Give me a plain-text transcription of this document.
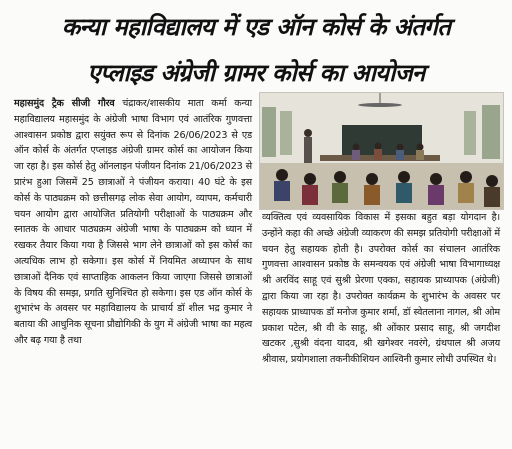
कन्या महाविद्यालय में एड ऑन कोर्स के अंतर्गत
एप्लाइड अंग्रेजी ग्रामर कोर्स का आयोजन

महासमुंद ट्रैक सीजी गौरव चंद्राकर/शासकीय माता कर्मा कन्या महाविद्यालय महासमुंद के अंग्रेजी भाषा विभाग एवं आतंरिक गुणवत्ता आश्वासन प्रकोष्ठ द्वारा सयुंक्त रूप से दिनांक 26/06/2023 से एड ऑन कोर्स के अंतर्गत एप्लाइड अंग्रेजी ग्रामर कोर्स का आयोजन किया जा रहा है। इस कोर्स हेतु ऑनलाइन पंजीयन दिनांक 21/06/2023 से प्रारंभ हुआ जिसमें 25 छात्राओं ने पंजीयन कराया। 40 घंटे के इस कोर्स के पाठ्यक्रम को छत्तीसगढ़ लोक सेवा आयोग, व्यापम, कर्मचारी चयन आयोग द्वारा आयोजित प्रतियोगी परीक्षाओं के पाठ्यक्रम और स्नातक के आधार पाठ्यक्रम अंग्रेजी भाषा के पाठ्यक्रम को ध्यान में रखकर तैयार किया गया है जिससे भाग लेने छात्राओं को इस कोर्स का अत्यधिक लाभ हो सकेगा। इस कोर्स में नियमित अध्यापन के साथ छात्राओं दैनिक एवं साप्ताहिक आकलन किया जाएगा जिससे छात्राओं के विषय की समझ, प्रगति सुनिश्चित हो सकेगा। इस एड ऑन कोर्स के शुभारंभ के अवसर पर महाविद्यालय के प्राचार्य डॉ शील भद्र कुमार ने बताया की आधुनिक सूचना प्रौद्योगिकी के युग में अंग्रेजी भाषा का महत्व और बढ़ गया है तथा

व्यक्तित्व एवं व्यवसायिक विकास में इसका बहुत बड़ा योगदान है। उन्होंने कहा की अच्छे अंग्रेजी व्याकरण की समझ प्रतियोगी परीक्षाओं में चयन हेतु सहायक होती है। उपरोक्त कोर्स का संचालन आतंरिक गुणवत्ता आश्वासन प्रकोष्ठ के समन्वयक एवं अंग्रेजी भाषा विभागाध्यक्ष श्री अरविंद साहू एवं सुश्री प्रेरणा एक्का, सहायक प्राध्यापक (अंग्रेजी) द्वारा किया जा रहा है। उपरोक्त कार्यक्रम के शुभारंभ के अवसर पर सहायक प्राध्यापक डॉ मनोज कुमार शर्मा, डॉ स्वेतलाना नागल, श्री ओम प्रकाश पटेल, श्री वी के साहू, श्री ओंकार प्रसाद साहू, श्री जगदीश खटकर ,सुश्री वंदना यादव, श्री खगेश्वर नवरंगे, ग्रंथपाल श्री अजय श्रीवास, प्रयोगशाला तकनीकीशियन आश्विनी कुमार लोधी उपस्थित थे।
